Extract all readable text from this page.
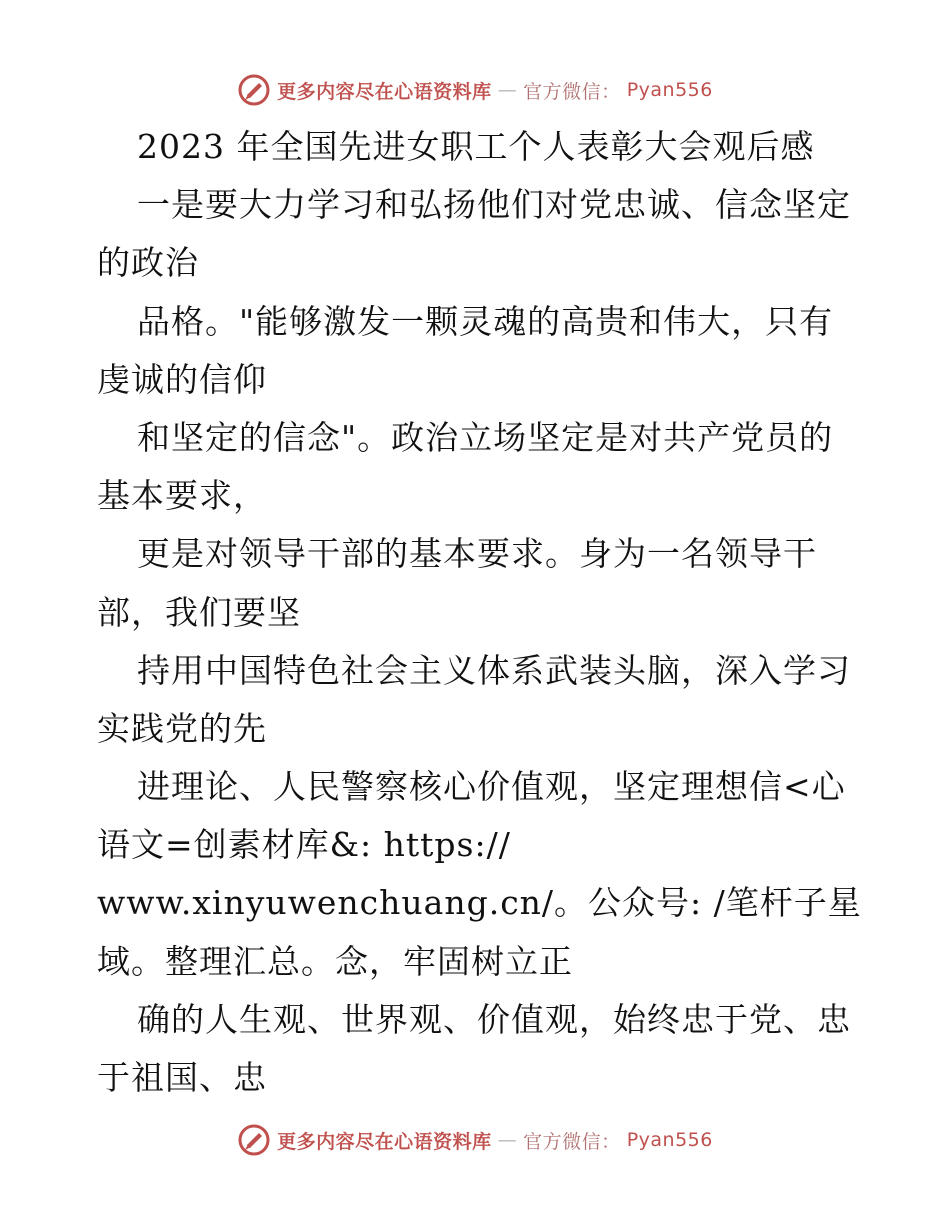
更多内容尽在心语资料库 — 官方微信： Pyan556
2023 年全国先进女职工个人表彰大会观后感
一是要大力学习和弘扬他们对党忠诚、信念坚定
的政治
品格。"能够激发一颗灵魂的高贵和伟大，只有
虔诚的信仰
和坚定的信念"。政治立场坚定是对共产党员的
基本要求，
更是对领导干部的基本要求。身为一名领导干
部，我们要坚
持用中国特色社会主义体系武装头脑，深入学习
实践党的先
进理论、人民警察核心价值观，坚定理想信<心
语文=创素材库&: https://
www.xinyuwenchuang.cn/。公众号: /笔杆子星
域。整理汇总。念，牢固树立正
确的人生观、世界观、价值观，始终忠于党、忠
于祖国、忠
更多内容尽在心语资料库 — 官方微信： Pyan556
